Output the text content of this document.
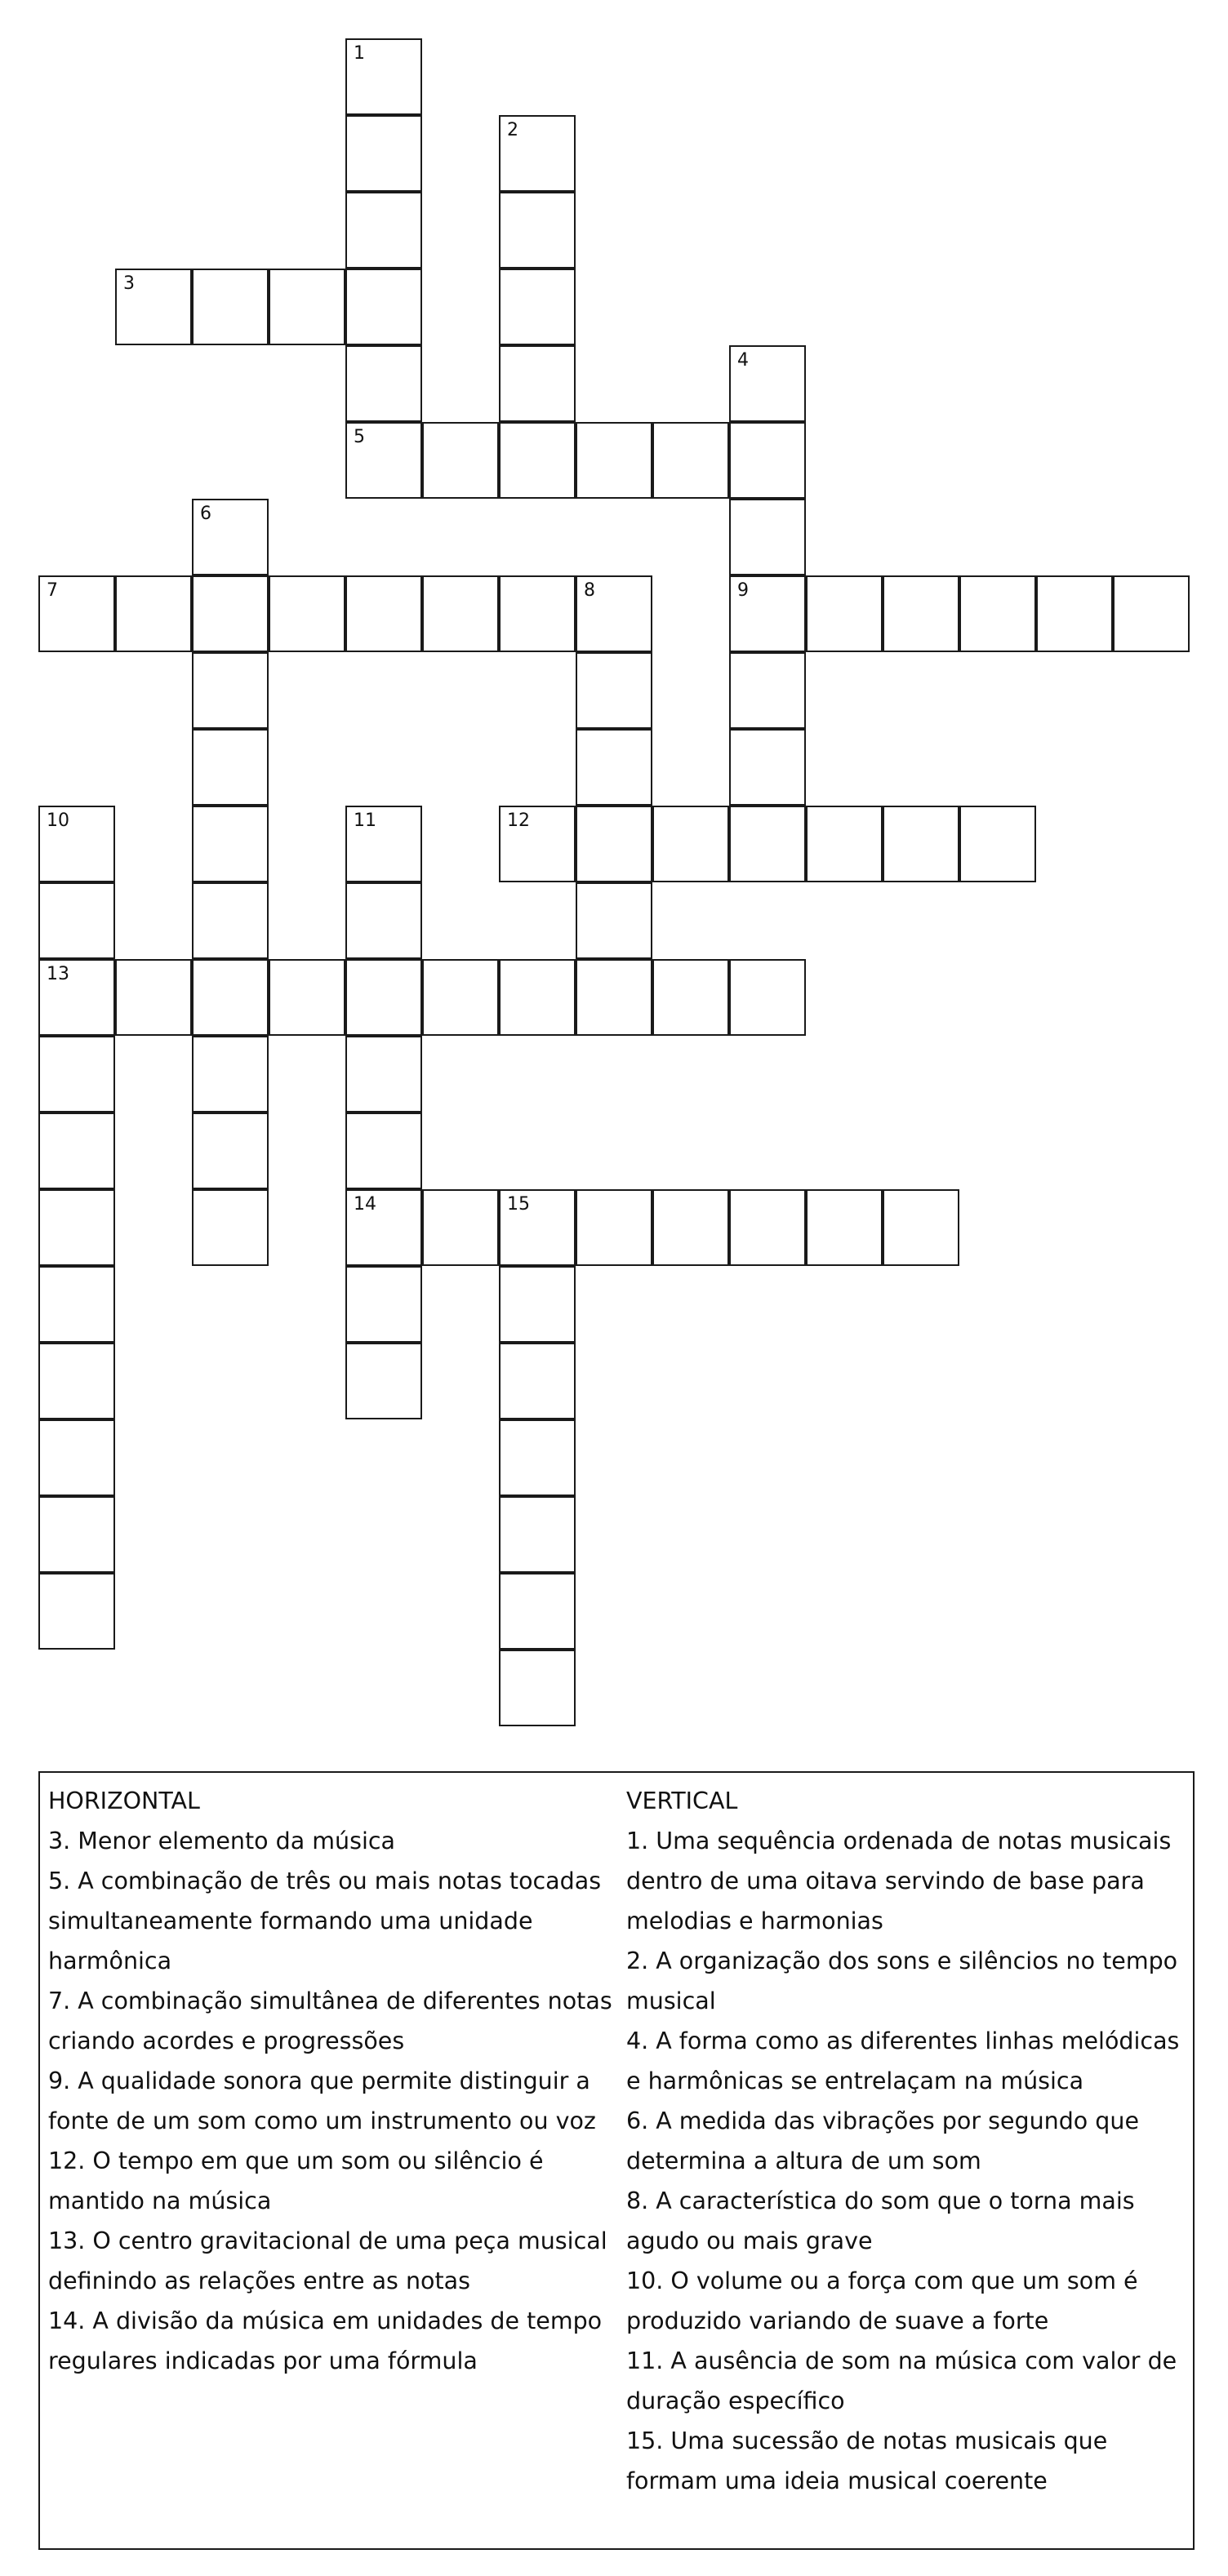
1
5
2
3
4
9
6
7	8
10
13
11
14
12
15
HORIZONTAL
3. Menor elemento da música
5. A combinação de três ou mais notas tocadas simultaneamente formando uma unidade harmônica
7. A combinação simultânea de diferentes notas criando acordes e progressões
9. A qualidade sonora que permite distinguir a fonte de um som como um instrumento ou voz
12. O tempo em que um som ou silêncio é mantido na música
13. O centro gravitacional de uma peça musical definindo as relações entre as notas
14. A divisão da música em unidades de tempo regulares indicadas por uma fórmula
VERTICAL
1. Uma sequência ordenada de notas musicais dentro de uma oitava servindo de base para melodias e harmonias
2. A organização dos sons e silêncios no tempo musical
4. A forma como as diferentes linhas melódicas e harmônicas se entrelaçam na música
6. A medida das vibrações por segundo que determina a altura de um som
8. A característica do som que o torna mais agudo ou mais grave
10. O volume ou a força com que um som é produzido variando de suave a forte
11. A ausência de som na música com valor de duração específico
15. Uma sucessão de notas musicais que formam uma ideia musical coerente
